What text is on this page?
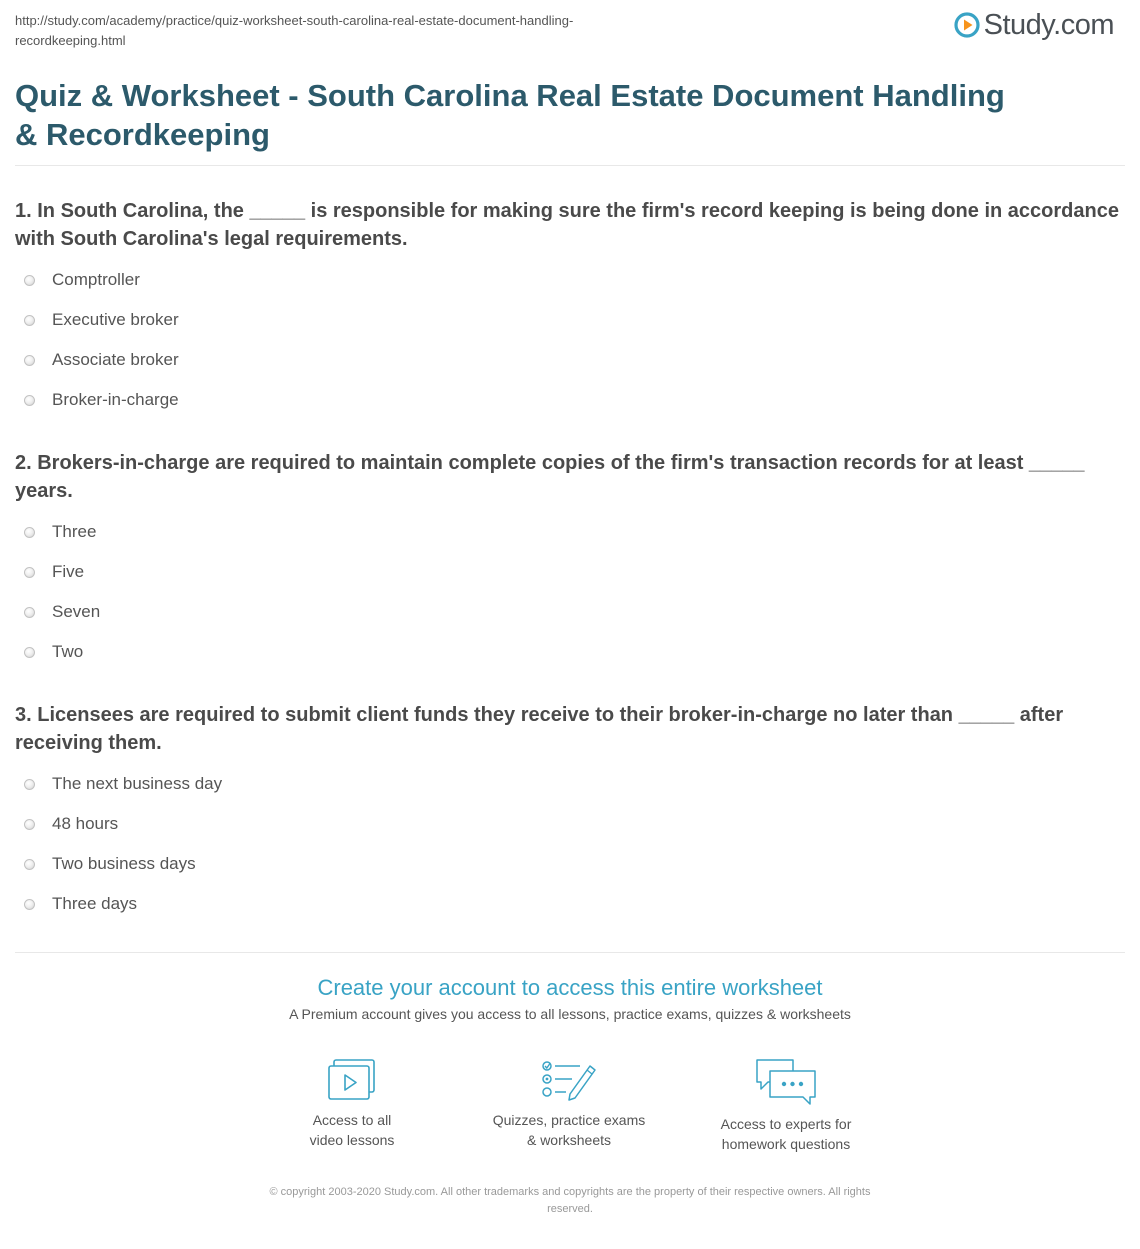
http://study.com/academy/practice/quiz-worksheet-south-carolina-real-estate-document-handling-
recordkeeping.html	Study.com
Quiz & Worksheet - South Carolina Real Estate Document Handling & Recordkeeping

1. In South Carolina, the _____ is responsible for making sure the firm's record keeping is being done in accordance with South Carolina's legal requirements.

Comptroller
Executive broker
Associate broker
Broker-in-charge

2. Brokers-in-charge are required to maintain complete copies of the firm's transaction records for at least _____ years.

Three
Five
Seven
Two

3. Licensees are required to submit client funds they receive to their broker-in-charge no later than _____ after receiving them.

The next business day
48 hours
Two business days
Three days
Create your account to access this entire worksheet
A Premium account gives you access to all lessons, practice exams, quizzes & worksheets
Access to all
video lessons
Quizzes, practice exams
& worksheets
Access to experts for
homework questions
© copyright 2003-2020 Study.com. All other trademarks and copyrights are the property of their respective owners. All rights
reserved.
